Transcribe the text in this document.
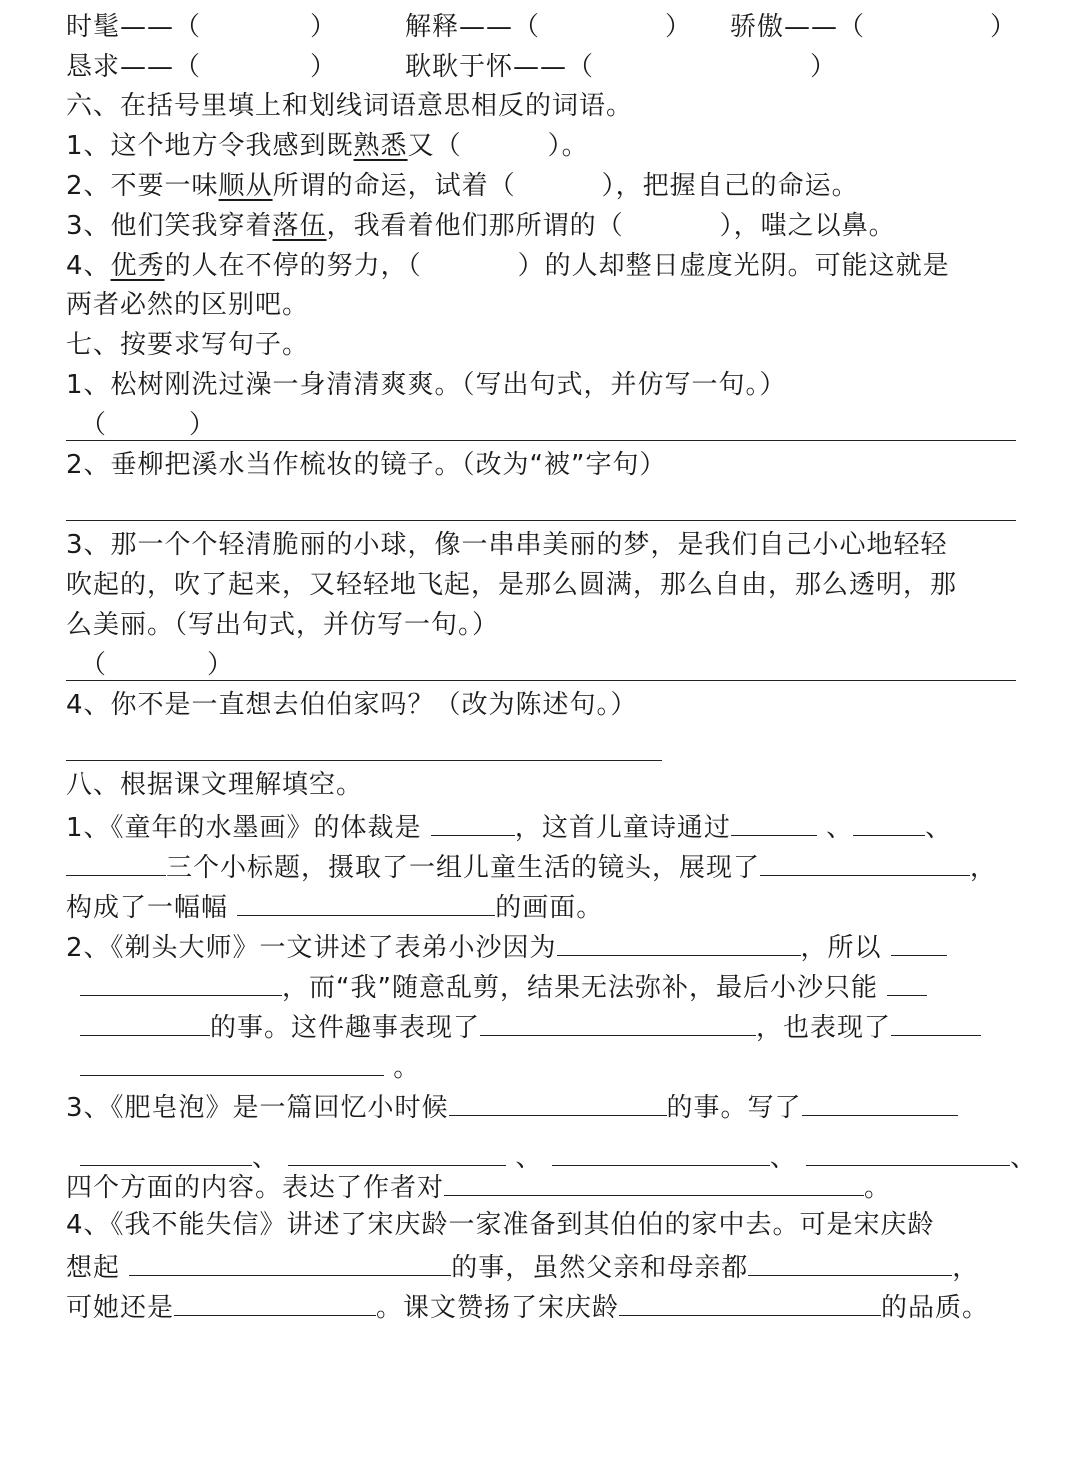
时髦——（	）	解释——（	） 骄傲——（	）
恳求——（	）	耿耿于怀——（	）
六、在括号里填上和划线词语意思相反的词语。
1、这个地方令我感到既熟悉又（	）。
2、不要一味顺从所谓的命运，试着（	），把握自己的命运。
3、他们笑我穿着落伍，我看着他们那所谓的（	），嗤之以鼻。
4、优秀的人在不停的努力，（	）的人却整日虚度光阴。可能这就是
两者必然的区别吧。
七、按要求写句子。
1、松树刚洗过澡一身清清爽爽。（写出句式，并仿写一句。）
（	）
2、垂柳把溪水当作梳妆的镜子。（改为“被”字句）
3、那一个个轻清脆丽的小球，像一串串美丽的梦，是我们自己小心地轻轻
吹起的，吹了起来，又轻轻地飞起，是那么圆满，那么自由，那么透明，那
么美丽。（写出句式，并仿写一句。）
（	）
4、你不是一直想去伯伯家吗？（改为陈述句。）
八、根据课文理解填空。
1、《童年的水墨画》的体裁是	，这首儿童诗通过	、	、
三个小标题，摄取了一组儿童生活的镜头，展现了	，
构成了一幅幅	的画面。
2、《剃头大师》一文讲述了表弟小沙因为	，所以
，而“我”随意乱剪，结果无法弥补，最后小沙只能
的事。这件趣事表现了	，也表现了
。
3、《肥皂泡》是一篇回忆小时候	的事。写了
、	、	、	、
四个方面的内容。表达了作者对	。
4、《我不能失信》讲述了宋庆龄一家准备到其伯伯的家中去。可是宋庆龄
想起	的事，虽然父亲和母亲都	，
可她还是	。课文赞扬了宋庆龄	的品质。
